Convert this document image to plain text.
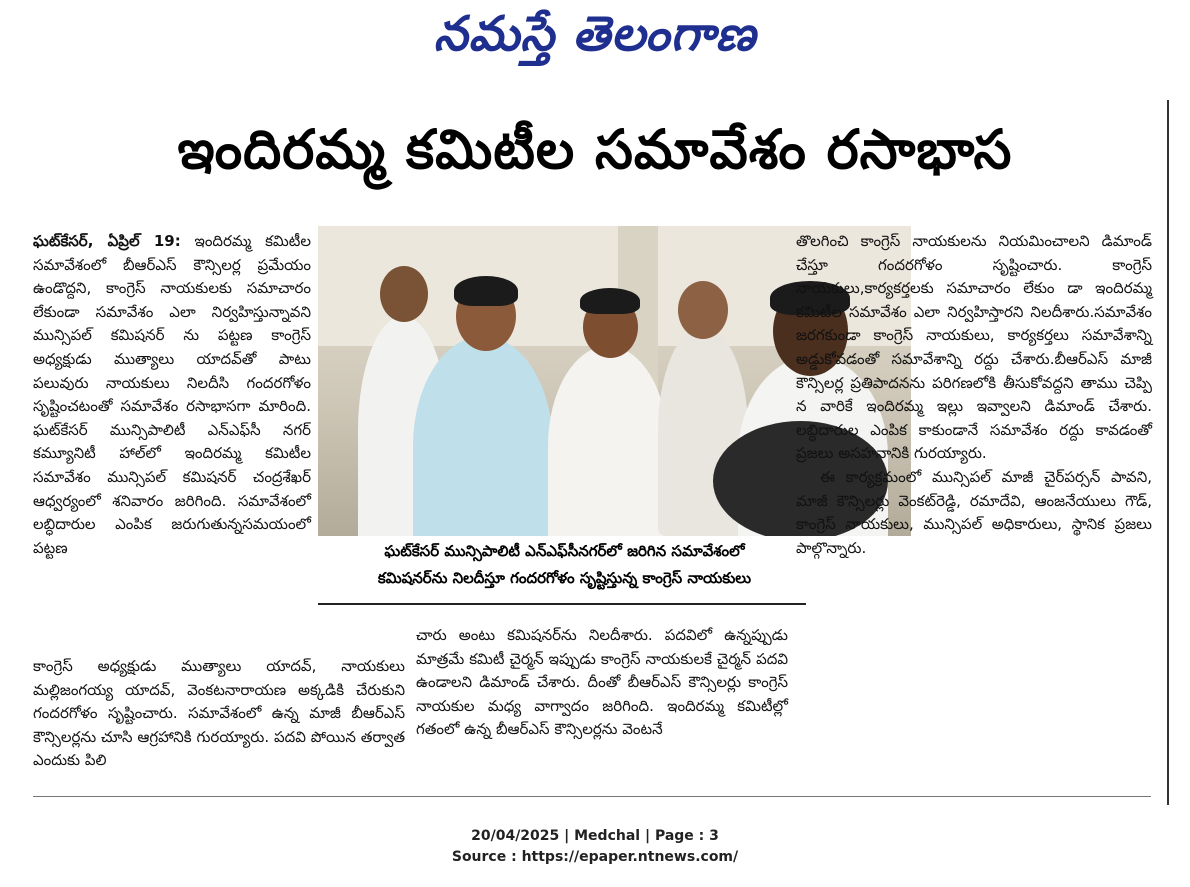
నమస్తే తెలంగాణ
ఇందిరమ్మ కమిటీల సమావేశం రసాభాస
ఘట్‌కేసర్, ఏప్రిల్ 19: ఇందిరమ్మ కమిటీల సమావేశంలో బీఆర్‌ఎస్ కౌన్సిలర్ల ప్రమేయం ఉండొద్దని, కాంగ్రెస్ నాయకులకు సమాచారం లేకుండా సమావేశం ఎలా నిర్వహిస్తున్నావని మున్సిపల్ కమిషనర్ ను పట్టణ కాంగ్రెస్ అధ్యక్షుడు ముత్యాలు యాదవ్‌తో పాటు పలువురు నాయకులు నిలదీసి గందరగోళం సృష్టించటంతో సమావేశం రసాభాసగా మారింది. ఘట్‌కేసర్ మున్సిపాలిటీ ఎన్‌ఎఫ్‌సీ నగర్ కమ్యూనిటీ హాల్‌లో ఇందిరమ్మ కమిటీల సమావేశం మున్సిపల్ కమిషనర్ చంద్రశేఖర్ ఆధ్వర్యంలో శనివారం జరిగింది. సమావేశంలో లబ్ధిదారుల ఎంపిక జరుగుతున్నసమయంలో పట్టణ	ఘట్‌కేసర్ మున్సిపాలిటీ ఎన్‌ఎఫ్‌సీనగర్‌లో జరిగిన సమావేశంలో
కమిషనర్‌ను నిలదీస్తూ గందరగోళం సృష్టిస్తున్న కాంగ్రెస్ నాయకులు
కాంగ్రెస్ అధ్యక్షుడు ముత్యాలు యాదవ్, నాయకులు మల్లిజంగయ్య యాదవ్, వెంకటనారాయణ అక్కడికి చేరుకుని గందరగోళం సృష్టించారు. సమావేశంలో ఉన్న మాజీ బీఆర్‌ఎస్ కౌన్సిలర్లను చూసి ఆగ్రహానికి గురయ్యారు. పదవి పోయిన తర్వాత ఎందుకు పిలి
చారు అంటు కమిషనర్‌ను నిలదీశారు. పదవిలో ఉన్నప్పుడు మాత్రమే కమిటీ చైర్మన్ ఇప్పుడు కాంగ్రెస్ నాయకులకే చైర్మన్ పదవి ఉండాలని డిమాండ్ చేశారు. దీంతో బీఆర్‌ఎస్ కౌన్సిలర్లు కాంగ్రెస్ నాయకుల మధ్య వాగ్వాదం జరిగింది. ఇందిరమ్మ కమిటీల్లో గతంలో ఉన్న బీఆర్‌ఎస్ కౌన్సిలర్లను వెంటనే
తొలగించి కాంగ్రెస్ నాయకులను నియమించాలని డిమాండ్ చేస్తూ గందరగోళం సృష్టించారు. కాంగ్రెస్ నాయకులు,కార్యకర్తలకు సమాచారం లేకుం డా ఇందిరమ్మ కమిటీల సమావేశం ఎలా నిర్వహిస్తారని నిలదీశారు.సమావేశం జరగకుండా కాంగ్రెస్ నాయకులు, కార్యకర్తలు సమావేశాన్ని అడ్డుకోవడంతో సమావేశాన్ని రద్దు చేశారు.బీఆర్‌ఎస్ మాజీ కౌన్సిలర్ల ప్రతిపాదనను పరిగణలోకి తీసుకోవద్దని తాము చెప్పి న వారికే ఇందిరమ్మ ఇల్లు ఇవ్వాలని డిమాండ్ చేశారు. లబ్ధిదారుల ఎంపిక కాకుండానే సమావేశం రద్దు కావడంతో ప్రజలు అసహనానికి గురయ్యారు.
ఈ కార్యక్రమంలో మున్సిపల్ మాజీ చైర్‌పర్సన్ పావని, మాజీ కౌన్సిలర్లు వెంకట్‌రెడ్డి, రమాదేవి, ఆంజనేయులు గౌడ్, కాంగ్రెస్ నాయకులు, మున్సిపల్ అధికారులు, స్థానిక ప్రజలు పాల్గొన్నారు.
20/04/2025 | Medchal | Page : 3
Source : https://epaper.ntnews.com/
